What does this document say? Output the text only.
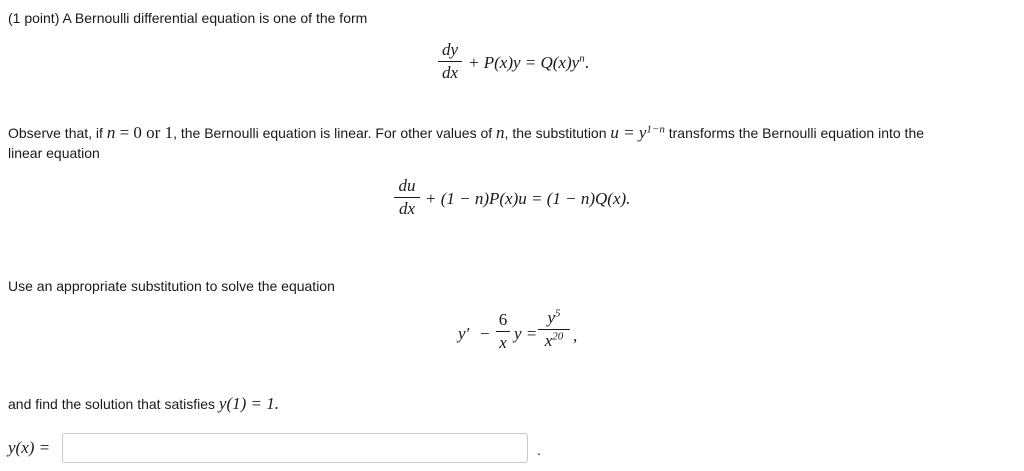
(1 point) A Bernoulli differential equation is one of the form
dy
dx
+ $P(x)y = Q(x)y^n$.
Observe that, if n = 0 or 1, the Bernoulli equation is linear. For other values of n, the substitution $u = y^{1-n}$ transforms the Bernoulli equation into the
linear equation
du
dx
+ (1 − n)P(x)u = (1 − n)Q(x).
Use an appropriate substitution to solve the equation
y′ −
6
x y =
$y^5$
$x^{20}$ ,
and find the solution that satisfies y(1) = 1.
y(x) =	.
